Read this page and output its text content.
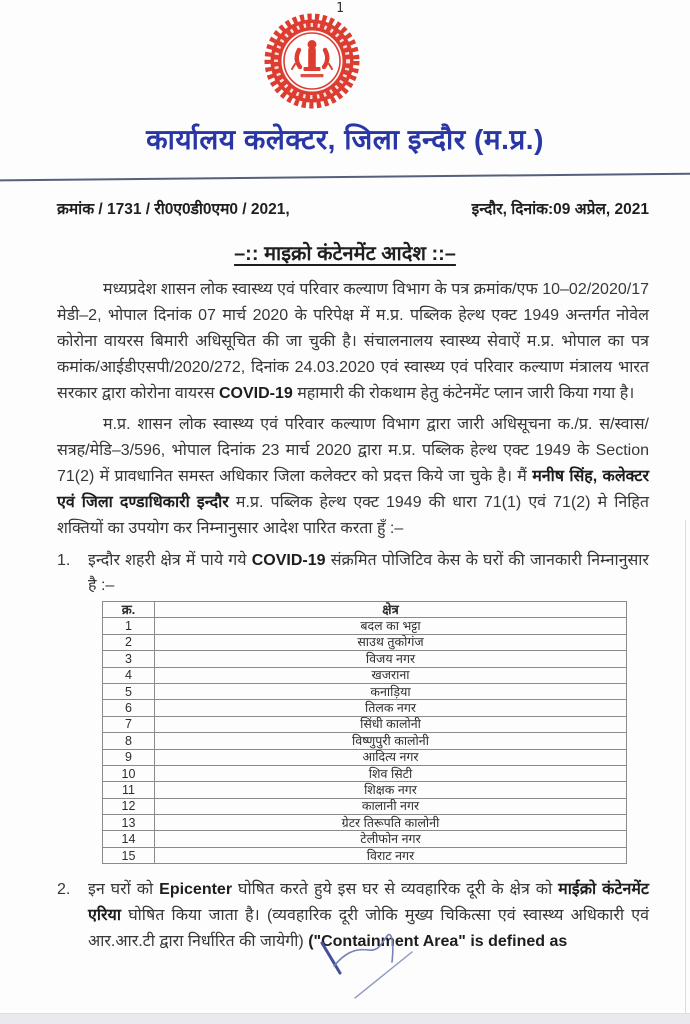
1
कार्यालय कलेक्टर, जिला इन्दौर (म.प्र.)
क्रमांक / 1731 / री0ए0डी0एम0 / 2021,	इन्दौर, दिनांक:09 अप्रेल, 2021
–:: माइक्रो कंटेनमेंट आदेश ::–

मध्यप्रदेश शासन लोक स्वास्थ्य एवं परिवार कल्याण विभाग के पत्र क्रमांक/एफ 10–02/2020/17 मेडी–2, भोपाल दिनांक 07 मार्च 2020 के परिपेक्ष में म.प्र. पब्लिक हेल्थ एक्ट 1949 अन्तर्गत नोवेल कोरोना वायरस बिमारी अधिसूचित की जा चुकी है। संचालनालय स्वास्थ्य सेवाऐं म.प्र. भोपाल का पत्र कमांक/आईडीएसपी/2020/272, दिनांक 24.03.2020 एवं स्वास्थ्य एवं परिवार कल्याण मंत्रालय भारत सरकार द्वारा कोरोना वायरस COVID-19 महामारी की रोकथाम हेतु कंटेनमेंट प्लान जारी किया गया है।

म.प्र. शासन लोक स्वास्थ्य एवं परिवार कल्याण विभाग द्वारा जारी अधिसूचना क./प्र. स/स्वास/सत्रह/मेडि–3/596, भोपाल दिनांक 23 मार्च 2020 द्वारा म.प्र. पब्लिक हेल्थ एक्ट 1949 के Section 71(2) में प्रावधानित समस्त अधिकार जिला कलेक्टर को प्रदत्त किये जा चुके है। मैं मनीष सिंह, कलेक्टर एवं जिला दण्डाधिकारी इन्दौर म.प्र. पब्लिक हेल्थ एक्ट 1949 की धारा 71(1) एवं 71(2) मे निहित शक्तियों का उपयोग कर निम्नानुसार आदेश पारित करता हुँ :–

1.	इन्दौर शहरी क्षेत्र में पाये गये COVID-19 संक्रमित पोजिटिव केस के घरों की जानकारी निम्नानुसार है :–
क्र.	क्षेत्र
1	बदल का भट्टा
2	साउथ तुकोगंज
3	विजय नगर
4	खजराना
5	कनाड़िया
6	तिलक नगर
7	सिंधी कालोनी
8	विष्णुपुरी कालोनी
9	आदित्य नगर
10	शिव सिटी
11	शिक्षक नगर
12	कालानी नगर
13	ग्रेटर तिरूपति कालोनी
14	टेलीफोन नगर
15	विराट नगर
2.	इन घरों को Epicenter घोषित करते हुये इस घर से व्यवहारिक दूरी के क्षेत्र को माईक्रो कंटेनमेंट एरिया घोषित किया जाता है। (व्यवहारिक दूरी जोकि मुख्य चिकित्सा एवं स्वास्थ्य अधिकारी एवं आर.आर.टी द्वारा निर्धारित की जायेगी) ("Containment Area" is defined as
